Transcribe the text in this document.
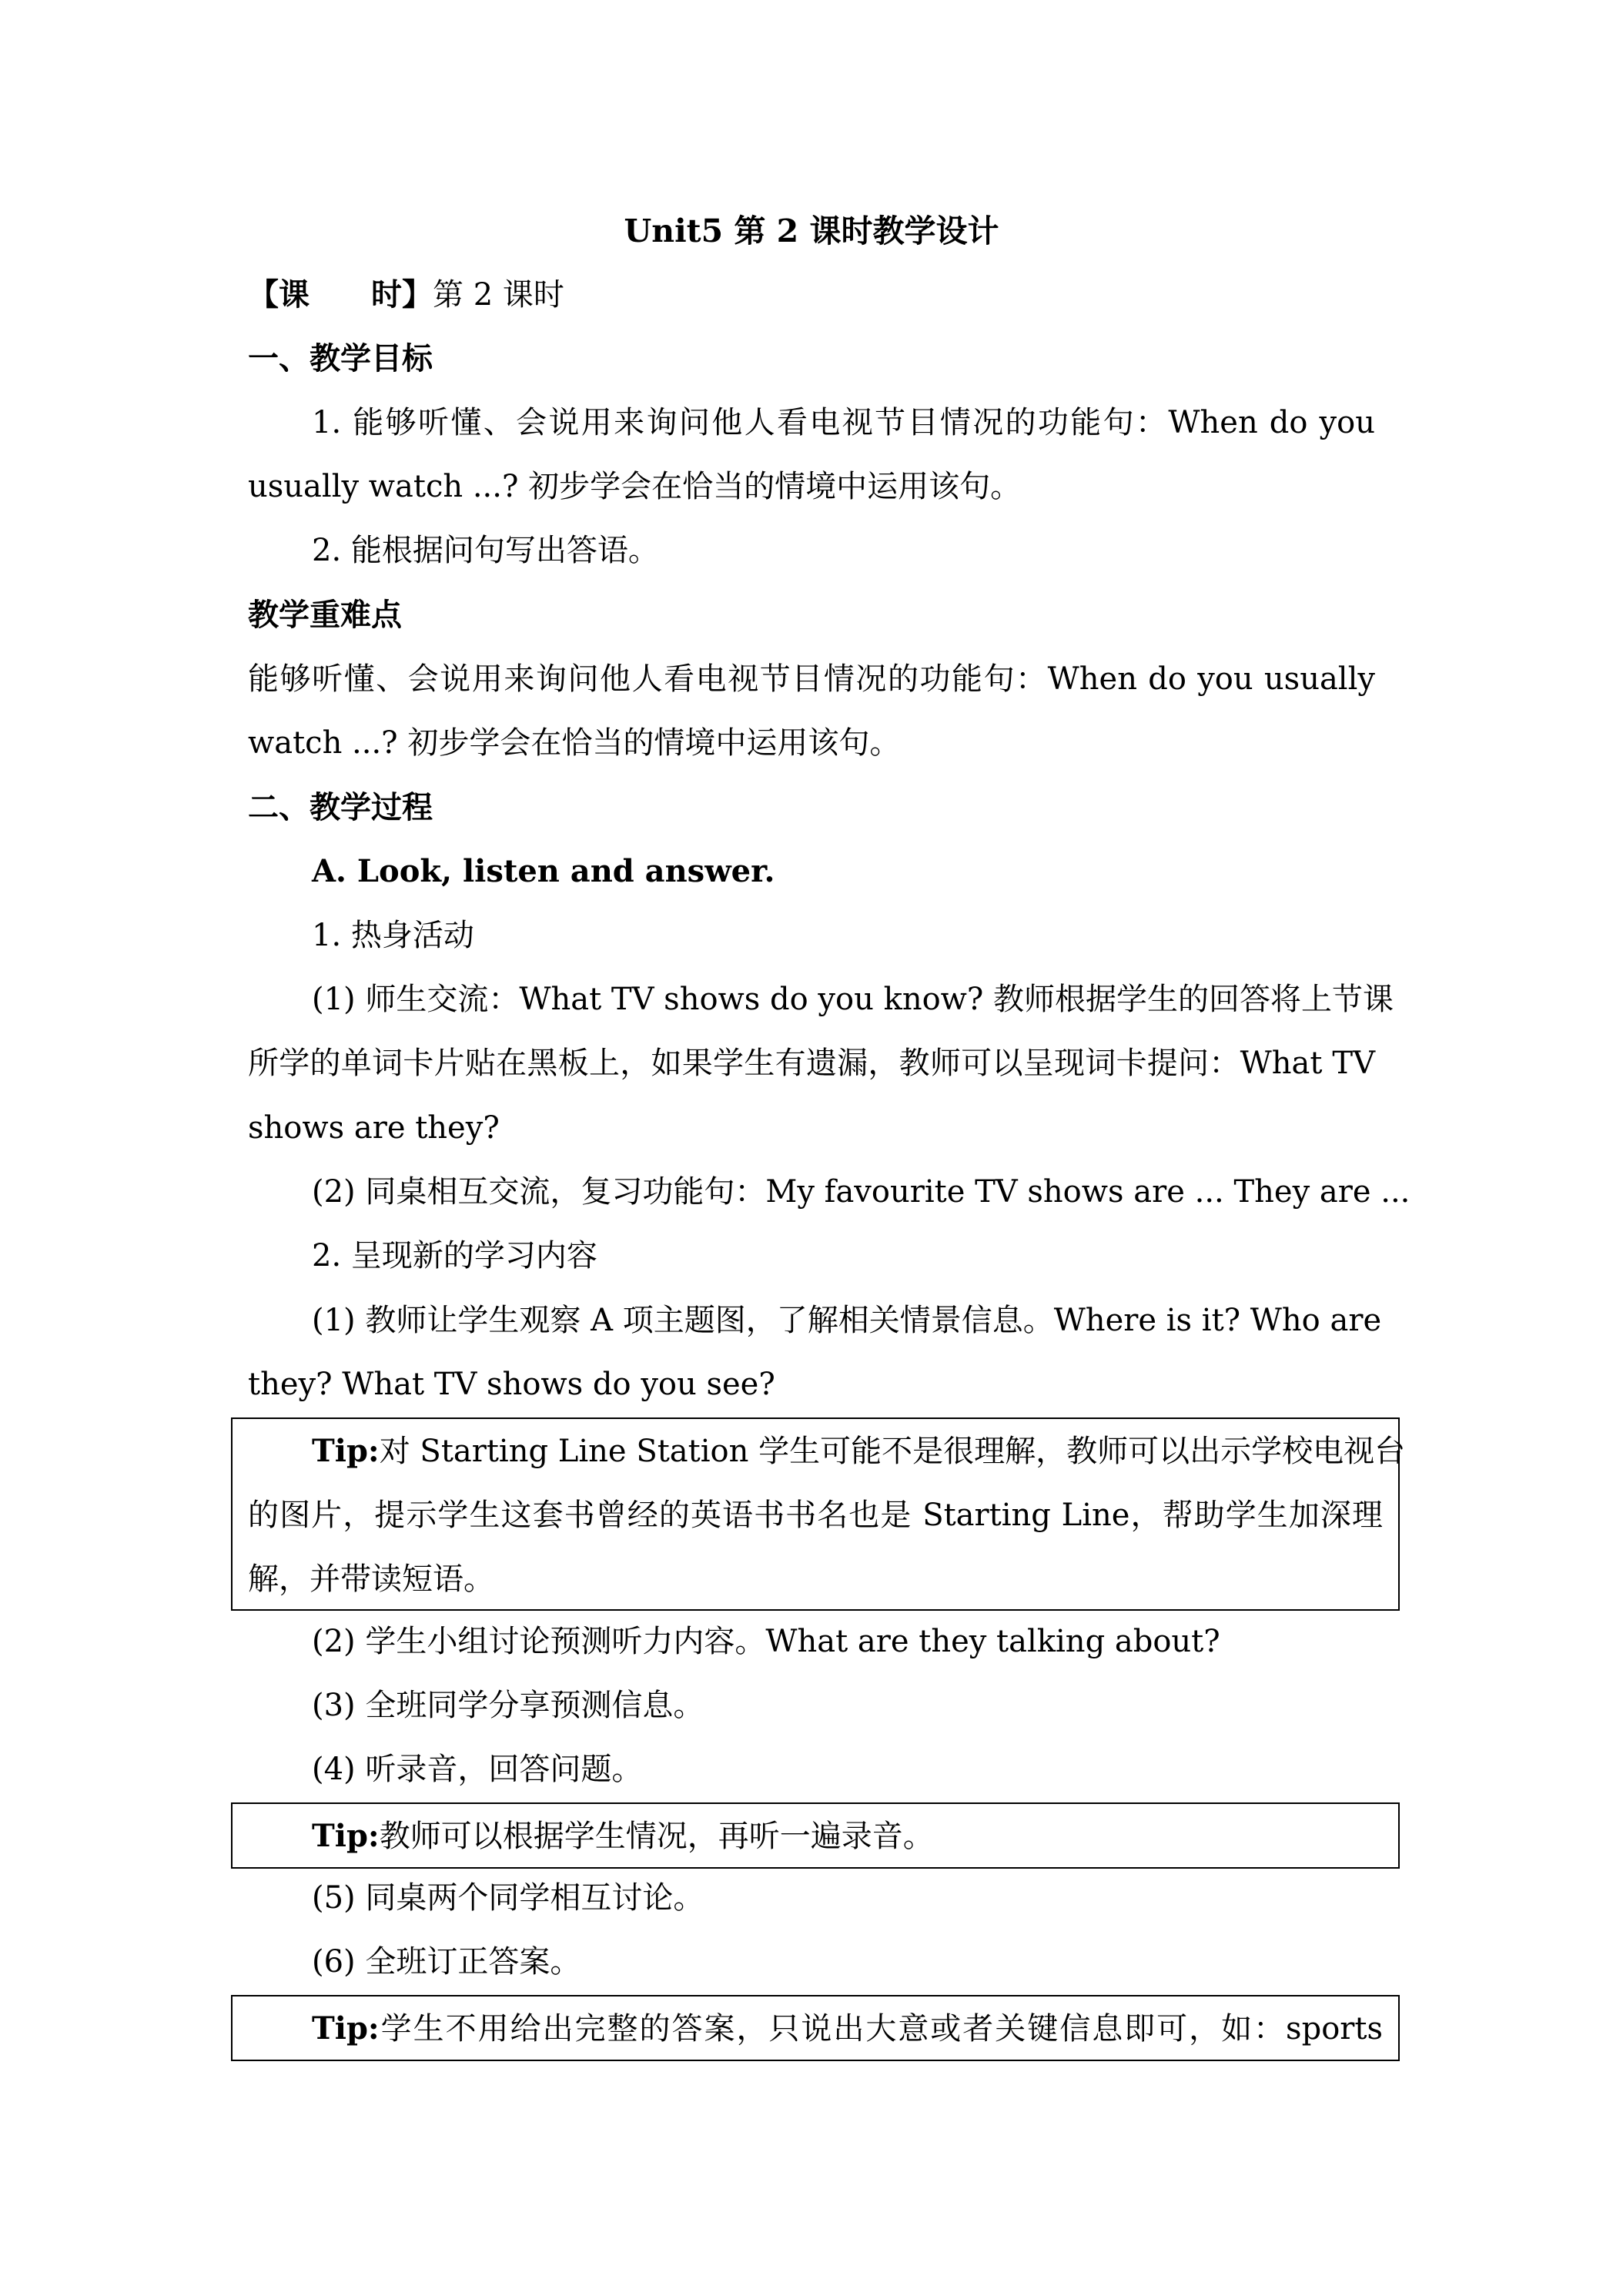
Unit5 第 2 课时教学设计
【课　　时】第 2 课时
一、教学目标
1. 能够听懂、会说用来询问他人看电视节目情况的功能句：When do you
usually watch ...? 初步学会在恰当的情境中运用该句。
2. 能根据问句写出答语。
教学重难点
能够听懂、会说用来询问他人看电视节目情况的功能句：When do you usually
watch ...? 初步学会在恰当的情境中运用该句。
二、教学过程
A. Look, listen and answer.
1. 热身活动
(1) 师生交流：What TV shows do you know? 教师根据学生的回答将上节课
所学的单词卡片贴在黑板上，如果学生有遗漏，教师可以呈现词卡提问：What TV
shows are they?
(2) 同桌相互交流，复习功能句：My favourite TV shows are ... They are ...
2. 呈现新的学习内容
(1) 教师让学生观察 A 项主题图，了解相关情景信息。Where is it? Who are
they? What TV shows do you see?
Tip:对 Starting Line Station 学生可能不是很理解，教师可以出示学校电视台
的图片，提示学生这套书曾经的英语书书名也是 Starting Line，帮助学生加深理
解，并带读短语。
(2) 学生小组讨论预测听力内容。What are they talking about?
(3) 全班同学分享预测信息。
(4) 听录音，回答问题。
Tip:教师可以根据学生情况，再听一遍录音。
(5) 同桌两个同学相互讨论。
(6) 全班订正答案。
Tip:学生不用给出完整的答案，只说出大意或者关键信息即可，如：sports
